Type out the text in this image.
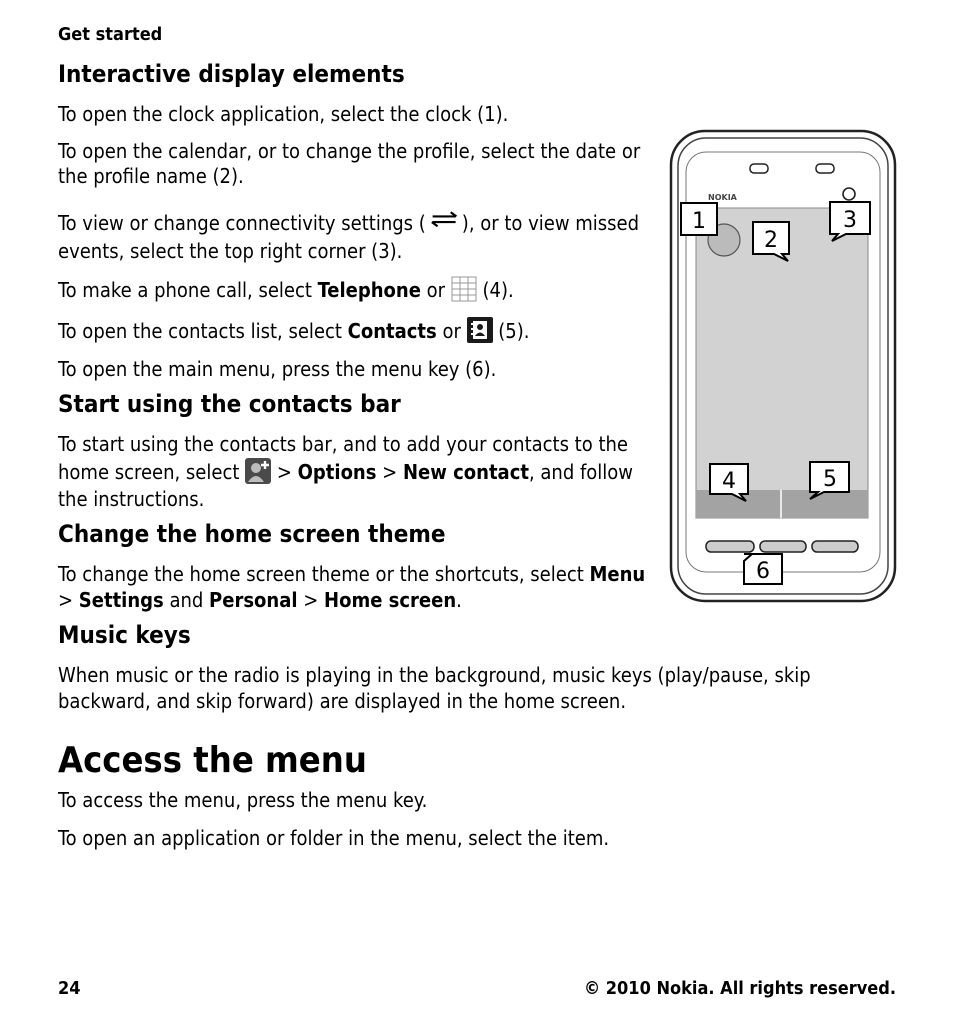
Get started
Interactive display elements

To open the clock application, select the clock (1).

To open the calendar, or to change the profile, select the date or the profile name (2).

To view or change connectivity settings ( ), or to view missed events, select the top right corner (3).

To make a phone call, select Telephone or  (4).

To open the contacts list, select Contacts or  (5).

To open the main menu, press the menu key (6).

Start using the contacts bar

To start using the contacts bar, and to add your contacts to the home screen, select  > Options > New contact, and follow the instructions.

Change the home screen theme

To change the home screen theme or the shortcuts, select Menu > Settings and Personal > Home screen.

Music keys

When music or the radio is playing in the background, music keys (play/pause, skip backward, and skip forward) are displayed in the home screen.

Access the menu

To access the menu, press the menu key.

To open an application or folder in the menu, select the item.

NOKIA
1
2
3
4	5
6
24	© 2010 Nokia. All rights reserved.
